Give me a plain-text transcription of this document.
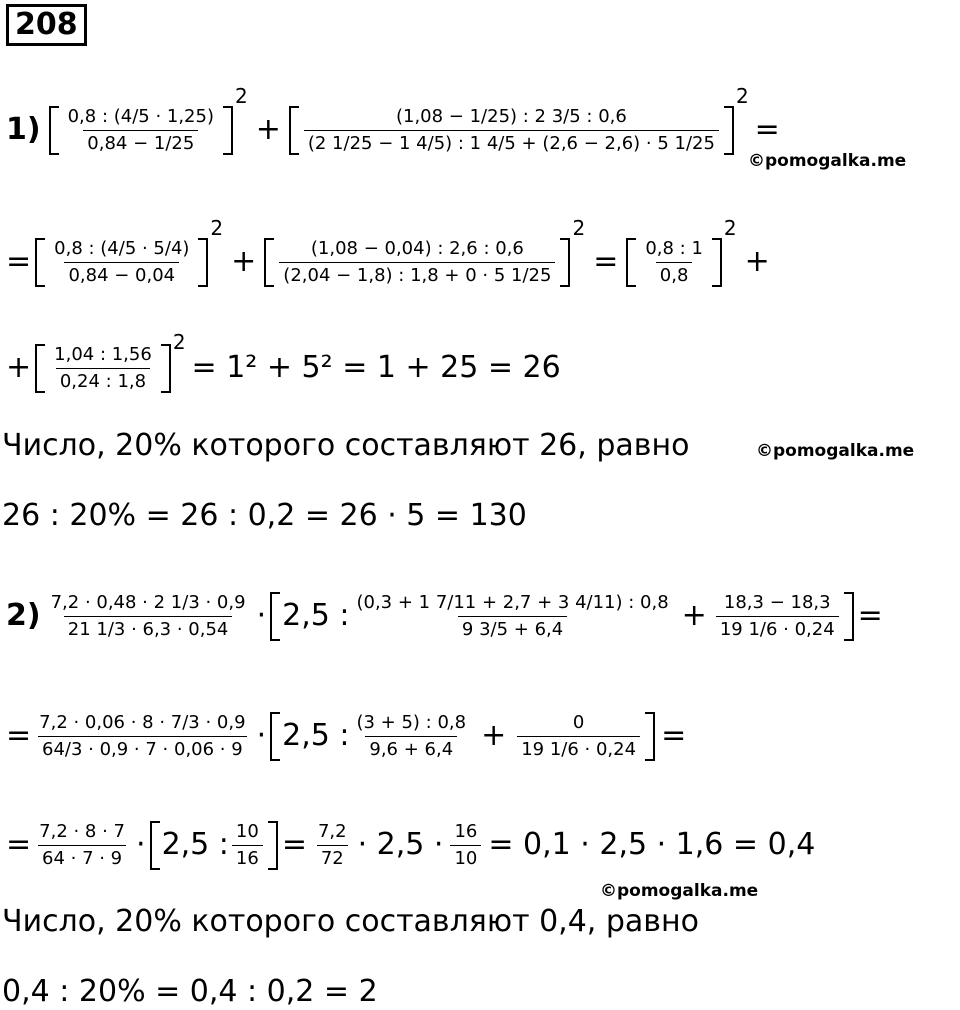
208
$1) \frac{0,8 : (4/5 \cdot 1,25)}{0,84 - 1/25}$
2
+ $\frac{(1,08 - 1/25) : 2 3/5 : 0,6}{(2 1/25 - 1 4/5) : 1 4/5 + (2,6 - 2,6) \cdot 5 1/25}$
2
=
©pomogalka.me
= $\frac{0,8 : (4/5 \cdot 5/4)}{0,84 - 0,04}$
2
+ $\frac{(1,08 - 0,04) : 2,6 : 0,6}{(2,04 - 1,8) : 1,8 + 0 \cdot 5 1/25}$
2
= $\frac{0,8 : 1}{0,8}$
2
+
+ $\frac{1,04 : 1,56}{0,24 : 1,8}$
2
= 1² + 5² = 1 + 25 = 26
Число, 20% которого составляют 26, равно	©pomogalka.me
26 : 20% = 26 : 0,2 = 26 · 5 = 130
$2) \frac{7,2 \cdot 0,48 \cdot 2 1/3 \cdot 0,9}{21 1/3 \cdot 6,3 \cdot 0,54} \cdot 2,5$ : $\frac{(0,3 + 1 7/11 + 2,7 + 3 4/11) : 0,8}{9 3/5 + 6,4} + \frac{18,3 - 18,3}{19 1/6 \cdot 0,24}$ =
= $\frac{7,2 \cdot 0,06 \cdot 8 \cdot 7/3 \cdot 0,9}{64/3 \cdot 0,9 \cdot 7 \cdot 0,06 \cdot 9} \cdot 2,5$ : $\frac{(3 + 5) : 0,8}{9,6 + 6,4} + \frac{0}{19 1/6 \cdot 0,24}$ =
= $\frac{7,2 \cdot 8 \cdot 7}{64 \cdot 7 \cdot 9} \cdot 2,5$ : $\frac{10}{16} = \frac{7,2}{72} \cdot 2,5 \cdot \frac{16}{10} = 0,1 \cdot 2,5 \cdot 1,6 = 0,4$
©pomogalka.me
Число, 20% которого составляют 0,4, равно
0,4 : 20% = 0,4 : 0,2 = 2
